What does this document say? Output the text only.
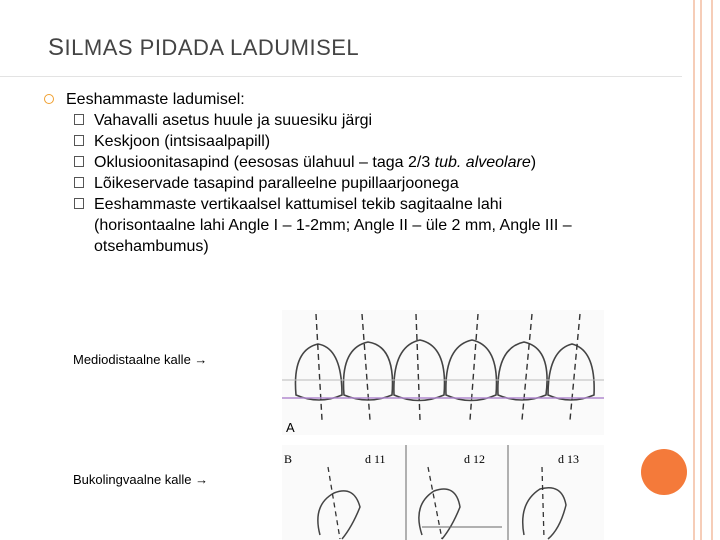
SILMAS PIDADA LADUMISEL
Eeshammaste ladumisel:
Vahavalli asetus huule ja suuesiku järgi
Keskjoon (intsisaalpapill)
Oklusioonitasapind (eesosas ülahuul – taga 2/3 tub. alveolare)
Lõikeservade tasapind paralleelne pupillaarjoonega
Eeshammaste vertikaalsel kattumisel tekib sagitaalne lahi (horisontaalne lahi Angle I – 1-2mm; Angle II – üle 2 mm, Angle III – otsehambumus)
Mediodistaalne kalle →
Bukolingvaalne kalle →
A
B	d 11	d 12	d 13
